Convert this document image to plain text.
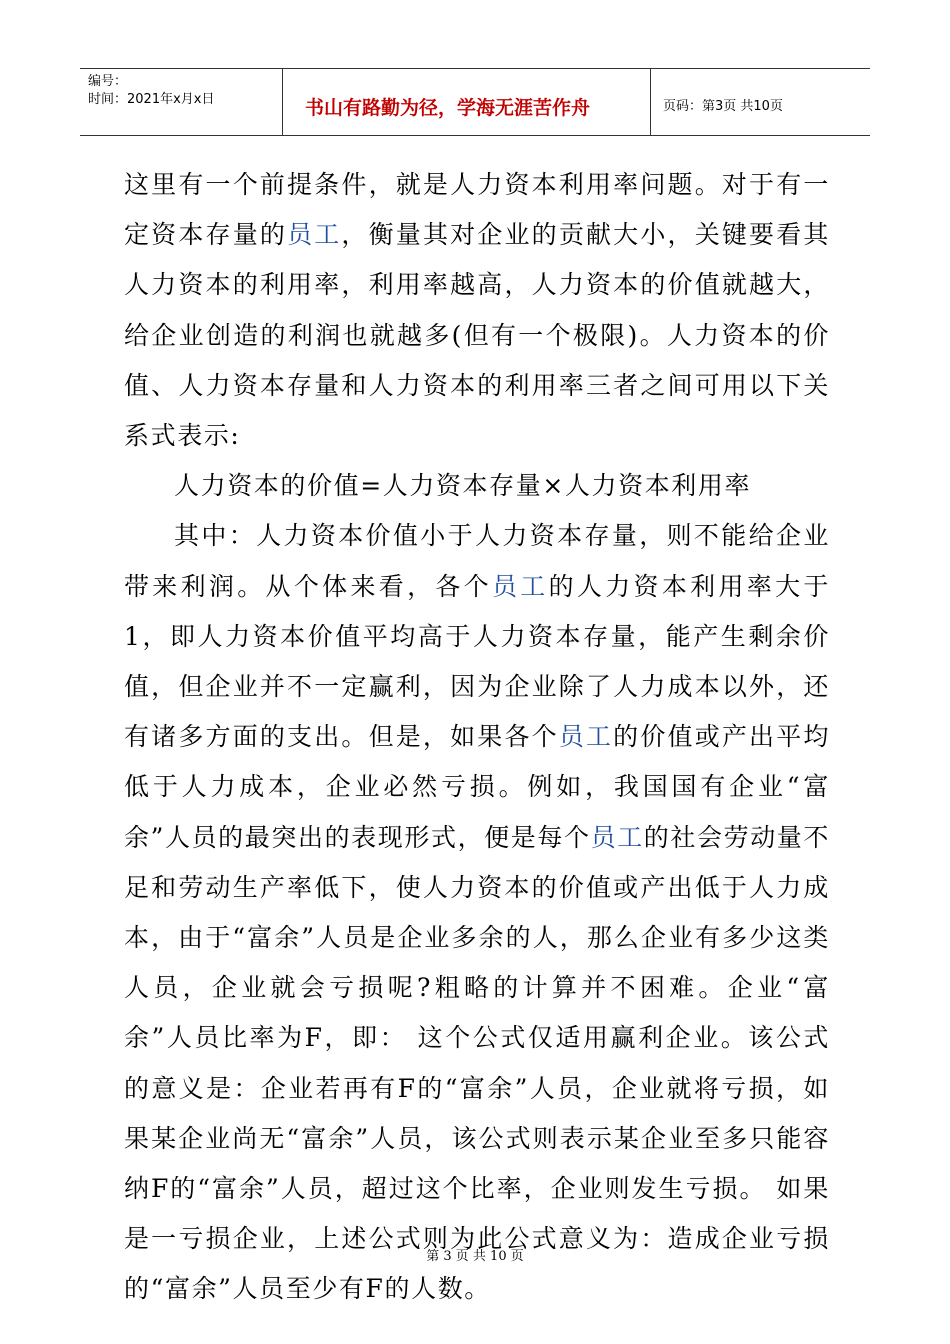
编号：
时间：2021年x月x日	书山有路勤为径，学海无涯苦作舟	页码：第3页 共10页

这里有一个前提条件，就是人力资本利用率问题。对于有一定资本存量的员工，衡量其对企业的贡献大小，关键要看其人力资本的利用率，利用率越高，人力资本的价值就越大，给企业创造的利润也就越多(但有一个极限)。人力资本的价值、人力资本存量和人力资本的利用率三者之间可用以下关系式表示:

人力资本的价值=人力资本存量×人力资本利用率

其中：人力资本价值小于人力资本存量，则不能给企业带来利润。从个体来看，各个员工的人力资本利用率大于1，即人力资本价值平均高于人力资本存量，能产生剩余价值，但企业并不一定赢利，因为企业除了人力成本以外，还有诸多方面的支出。但是，如果各个员工的价值或产出平均低于人力成本，企业必然亏损。例如，我国国有企业“富余”人员的最突出的表现形式，便是每个员工的社会劳动量不足和劳动生产率低下，使人力资本的价值或产出低于人力成本，由于“富余”人员是企业多余的人，那么企业有多少这类人员，企业就会亏损呢?粗略的计算并不困难。企业“富余”人员比率为F，即： 这个公式仅适用赢利企业。该公式的意义是：企业若再有F的“富余”人员，企业就将亏损，如果某企业尚无“富余”人员，该公式则表示某企业至多只能容纳F的“富余”人员，超过这个比率，企业则发生亏损。 如果是一亏损企业，上述公式则为此公式意义为：造成企业亏损的“富余”人员至少有F的人数。

第 3 页 共 10 页
